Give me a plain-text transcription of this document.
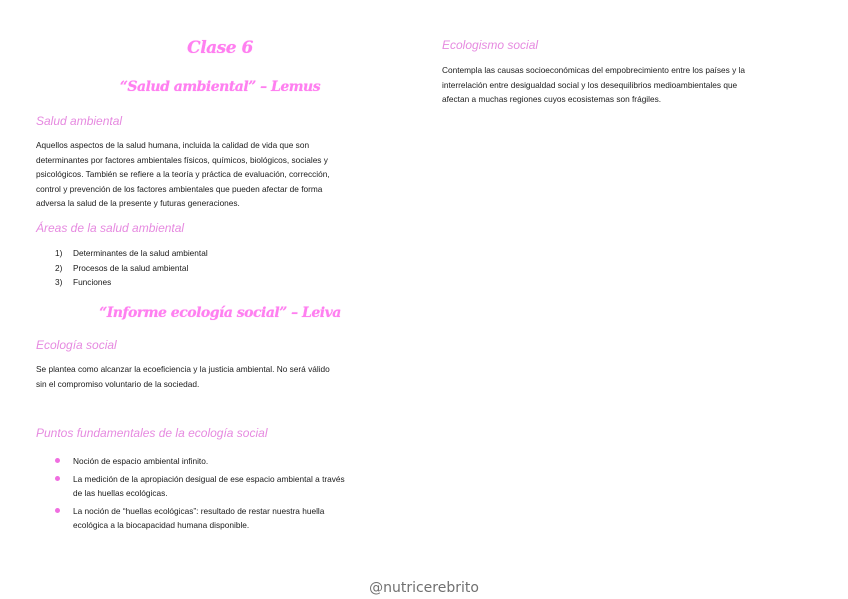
Clase 6
“Salud ambiental” – Lemus
Salud ambiental
Aquellos aspectos de la salud humana, incluida la calidad de vida que son
determinantes por factores ambientales físicos, químicos, biológicos, sociales y
psicológicos. También se refiere a la teoría y práctica de evaluación, corrección,
control y prevención de los factores ambientales que pueden afectar de forma
adversa la salud de la presente y futuras generaciones.
Áreas de la salud ambiental
1) Determinantes de la salud ambiental
2) Procesos de la salud ambiental
3) Funciones
“Informe ecología social” – Leiva
Ecología social
Se plantea como alcanzar la ecoeficiencia y la justicia ambiental. No será válido
sin el compromiso voluntario de la sociedad.
Puntos fundamentales de la ecología social
Noción de espacio ambiental infinito.
La medición de la apropiación desigual de ese espacio ambiental a través
de las huellas ecológicas.
La noción de “huellas ecológicas”: resultado de restar nuestra huella
ecológica a la biocapacidad humana disponible.
Ecologismo social
Contempla las causas socioeconómicas del empobrecimiento entre los países y la
interrelación entre desigualdad social y los desequilibrios medioambientales que
afectan a muchas regiones cuyos ecosistemas son frágiles.
@nutricerebrito
